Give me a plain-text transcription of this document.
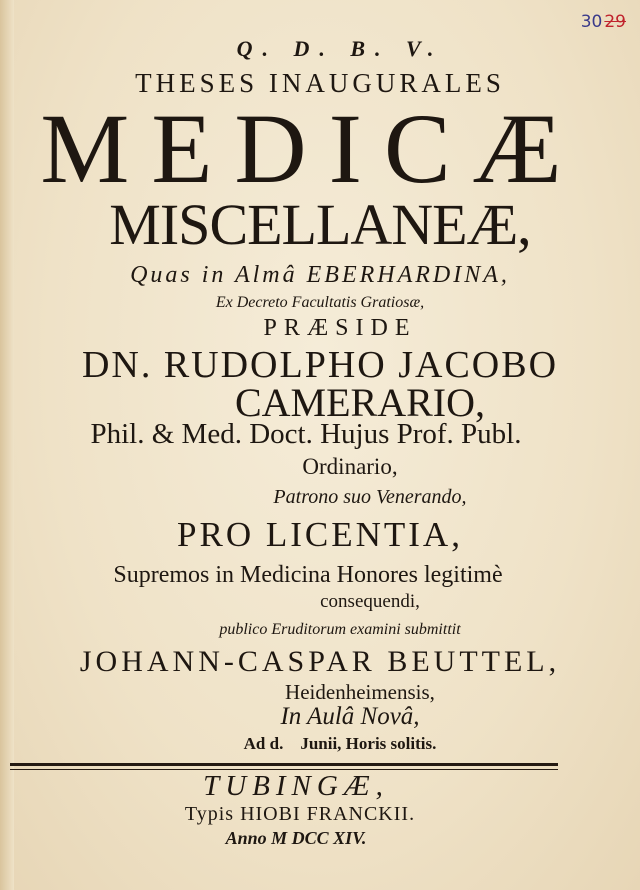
30 29
Q. D. B. V.
THESES INAUGURALES
MEDICÆ
MISCELLANEÆ,
Quas in Almâ EBERHARDINA,
Ex Decreto Facultatis Gratiosæ,
PRÆSIDE
DN. RUDOLPHO JACOBO
CAMERARIO,
Phil. & Med. Doct. Hujus Prof. Publ.
Ordinario,
Patrono suo Venerando,
PRO LICENTIA,
Supremos in Medicina Honores legitimè
consequendi,
publico Eruditorum examini submittit
JOHANN-CASPAR BEUTTEL,
Heidenheimensis,
In Aulâ Novâ,
Ad d.    Junii, Horis solitis.
TUBINGÆ,
Typis HIOBI FRANCKII.
Anno M DCC XIV.
